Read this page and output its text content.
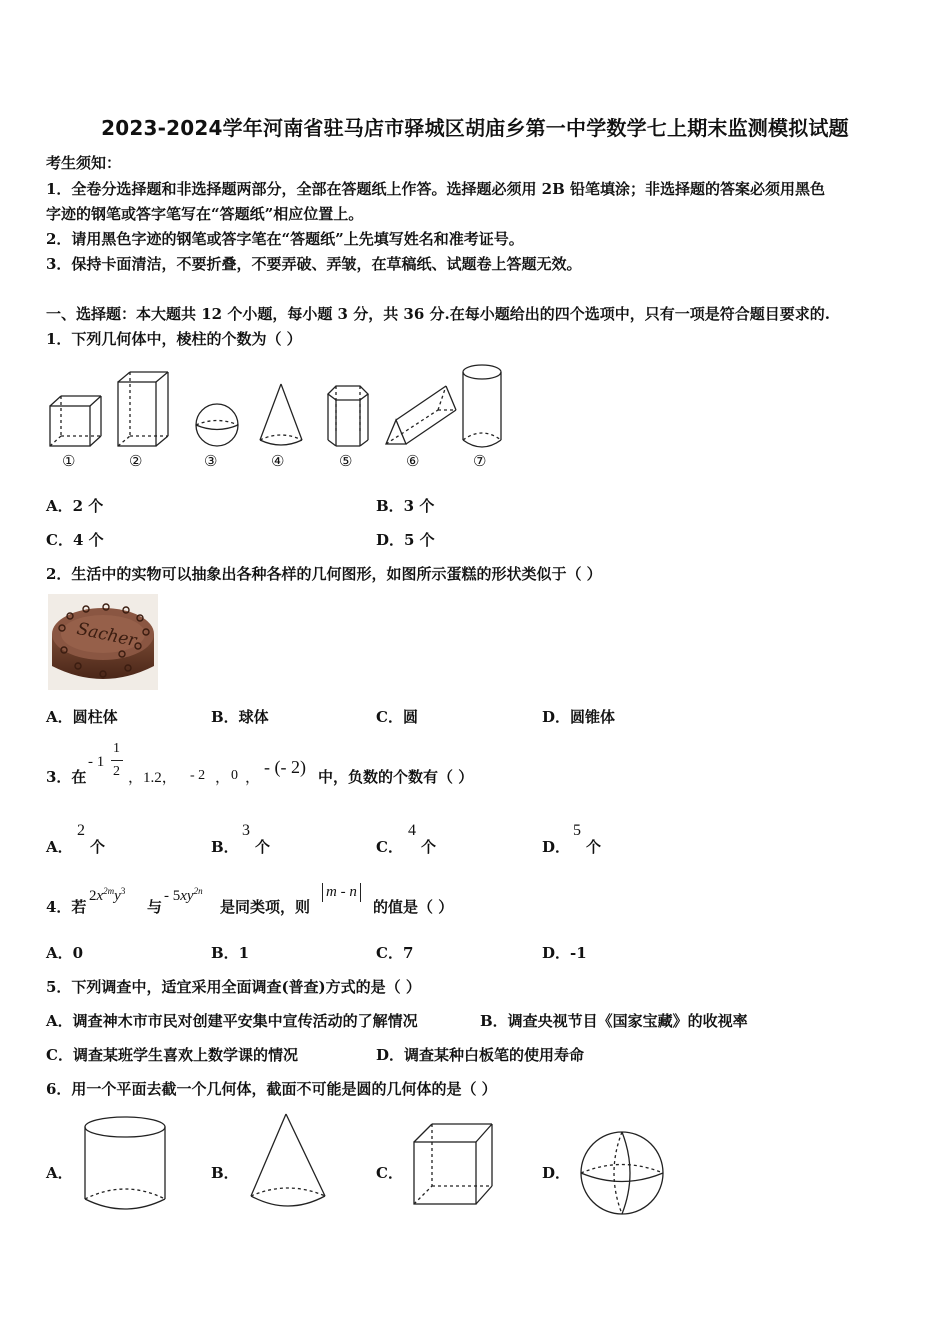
2023-2024学年河南省驻马店市驿城区胡庙乡第一中学数学七上期末监测模拟试题
考生须知：
1．全卷分选择题和非选择题两部分，全部在答题纸上作答。选择题必须用 2B 铅笔填涂；非选择题的答案必须用黑色
字迹的钢笔或答字笔写在“答题纸”相应位置上。
2．请用黑色字迹的钢笔或答字笔在“答题纸”上先填写姓名和准考证号。
3．保持卡面清洁，不要折叠，不要弄破、弄皱，在草稿纸、试题卷上答题无效。
一、选择题：本大题共 12 个小题，每小题 3 分，共 36 分.在每小题给出的四个选项中，只有一项是符合题目要求的.
1．下列几何体中，棱柱的个数为（ ）
①	②	③	④	⑤	⑥	⑦
A．2 个	B．3 个
C．4 个	D．5 个
2．生活中的实物可以抽象出各种各样的几何图形，如图所示蛋糕的形状类似于（ ）
Sacher
A．圆柱体	B．球体	C．圆	D．圆锥体
3．在
- 1
1
2 ，1.2， - 2 ， 0 ，
- (- 2) 中，负数的个数有（ ）
A．
2
个	B．
3
个	C．
4
个	D．
5
个
4．若
$2x^{2m}y^3$
与
- $5xy^{2n}$
是同类项，则
m - n
的值是（ ）
A．0	B．1	C．7	D．-1
5．下列调查中，适宜采用全面调查(普查)方式的是（ ）
A．调查神木市市民对创建平安集中宣传活动的了解情况	B．调查央视节目《国家宝藏》的收视率
C．调查某班学生喜欢上数学课的情况	D．调查某种白板笔的使用寿命
6．用一个平面去截一个几何体，截面不可能是圆的几何体的是（ ）
A．	B．	C．	D．
